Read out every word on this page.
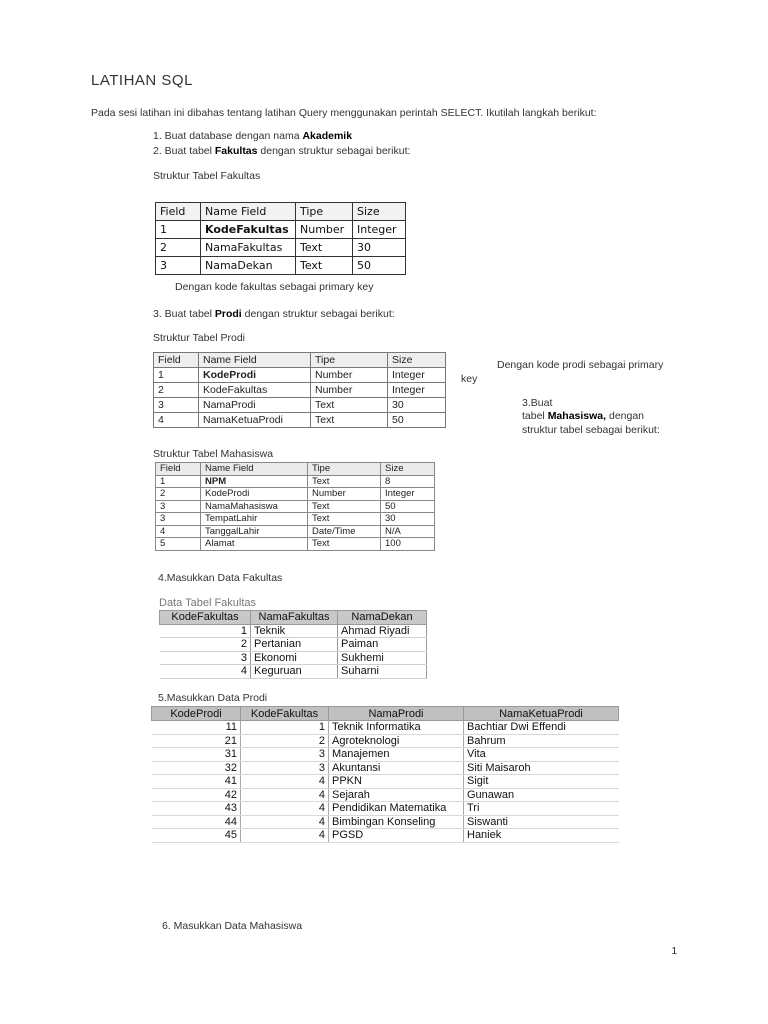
LATIHAN SQL
Pada sesi latihan ini dibahas tentang latihan Query menggunakan perintah SELECT. Ikutilah langkah berikut:
1. Buat database dengan nama Akademik
2. Buat tabel Fakultas dengan struktur sebagai berikut:
Struktur Tabel Fakultas
Field	Name Field	Tipe	Size
1	KodeFakultas	Number	Integer
2	NamaFakultas	Text	30
3	NamaDekan	Text	50
Dengan kode fakultas sebagai primary key
3. Buat tabel Prodi dengan struktur sebagai berikut:
Struktur Tabel Prodi
Field	Name Field	Tipe	Size
1	KodeProdi	Number	Integer
2	KodeFakultas	Number	Integer
3	NamaProdi	Text	30
4	NamaKetuaProdi	Text	50
Dengan kode prodi sebagai primary
key
3.Buat
tabel Mahasiswa, dengan
struktur tabel sebagai berikut:
Struktur Tabel Mahasiswa
Field	Name Field	Tipe	Size
1	NPM	Text	8
2	KodeProdi	Number	Integer
3	NamaMahasiswa	Text	50
3	TempatLahir	Text	30
4	TanggalLahir	Date/Time	N/A
5	Alamat	Text	100
4.Masukkan Data Fakultas
Data Tabel Fakultas
KodeFakultas	NamaFakultas	NamaDekan
1	Teknik	Ahmad Riyadi
2	Pertanian	Paiman
3	Ekonomi	Sukhemi
4	Keguruan	Suharni
5.Masukkan Data Prodi
KodeProdi	KodeFakultas	NamaProdi	NamaKetuaProdi
11	1	Teknik Informatika	Bachtiar Dwi Effendi
21	2	Agroteknologi	Bahrum
31	3	Manajemen	Vita
32	3	Akuntansi	Siti Maisaroh
41	4	PPKN	Sigit
42	4	Sejarah	Gunawan
43	4	Pendidikan Matematika	Tri
44	4	Bimbingan Konseling	Siswanti
45	4	PGSD	Haniek
6. Masukkan Data Mahasiswa
1
